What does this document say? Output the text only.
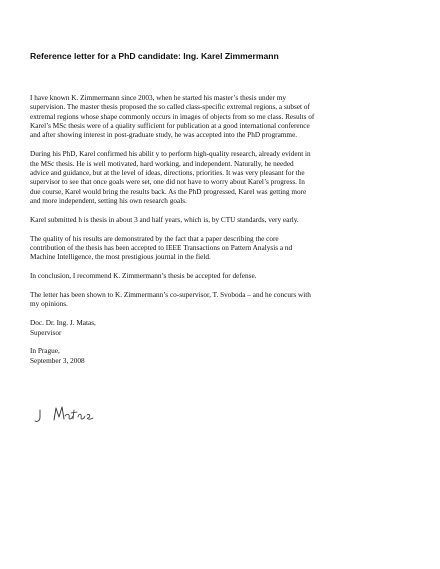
Reference letter for a PhD candidate: Ing. Karel Zimmermann

I have known K. Zimmermann since 2003, when he started his master’s thesis under my
supervision. The master thesis proposed the so called class-specific extremal regions, a subset of
extremal regions whose shape commonly occurs in images of objects from so me class. Results of
Karel’s MSc thesis were of a quality sufficient for publication at a good international conference
and after showing interest in post-graduate study, he was accepted into the PhD programme.

During his PhD, Karel confirmed his abilit y to perform high-quality research, already evident in
the MSc thesis. He is well motivated, hard working, and independent. Naturally, he needed
advice and guidance, but at the level of ideas, directions, priorities. It was very pleasant for the
supervisor to see that once goals were set, one did not have to worry about Karel’s progress. In
due course, Karel would bring the results back. As the PhD progressed, Karel was getting more
and more independent, setting his own research goals.

Karel submitted h is thesis in about 3 and half years, which is, by CTU standards, very early.

The quality of his results are demonstrated by the fact that a paper describing the core
contribution of the thesis has been accepted to IEEE Transactions on Pattern Analysis a nd
Machine Intelligence, the most prestigious journal in the field.

In conclusion, I recommend K. Zimmermann’s thesis be accepted for defense.

The letter has been shown to K. Zimmermann’s co-supervisor, T. Svoboda – and he concurs with
my opinions.

Doc. Dr. Ing. J. Matas,
Supervisor

In Prague,
September 3, 2008
